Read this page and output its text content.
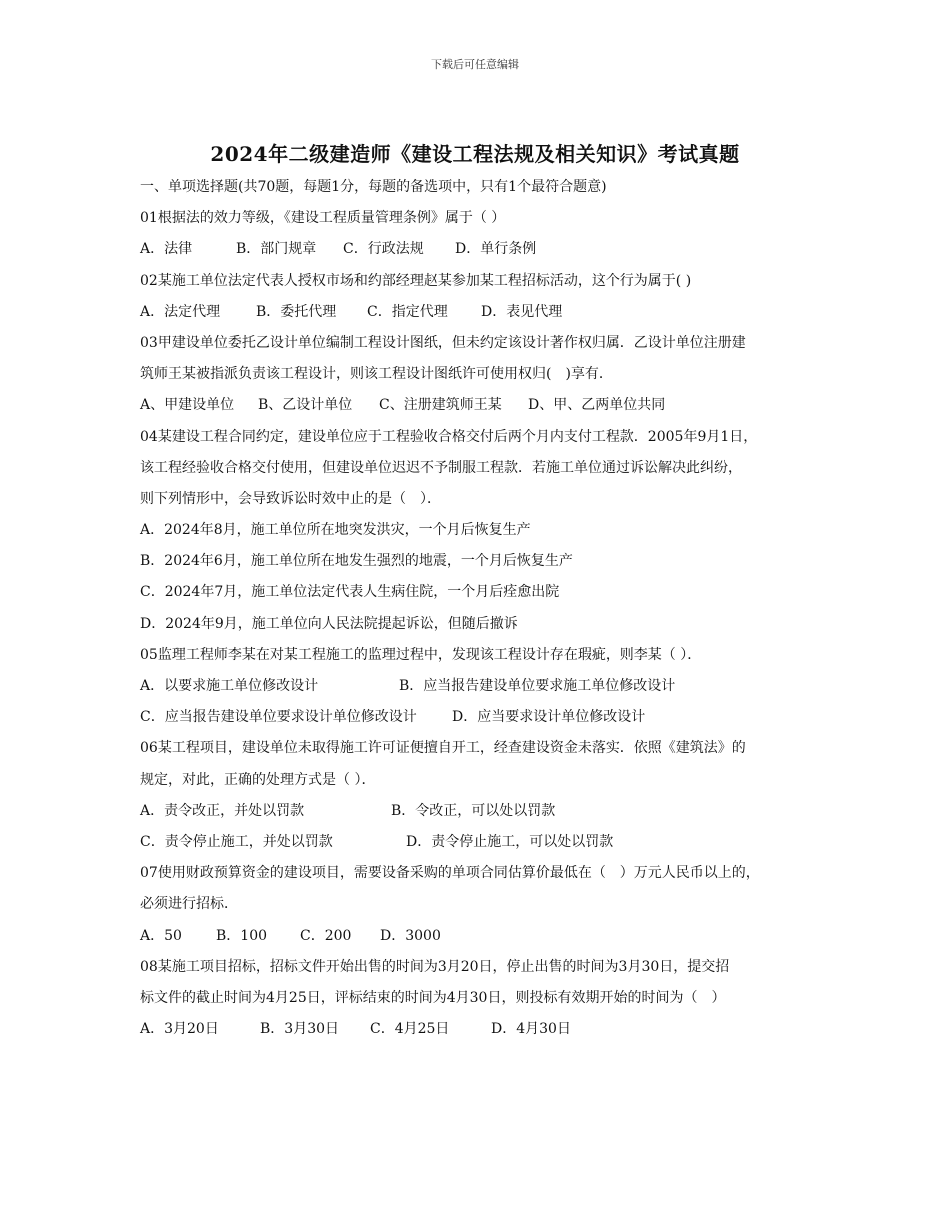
下载后可任意编辑
2024年二级建造师《建设工程法规及相关知识》考试真题
一、单项选择题(共70题，每题1分，每题的备选项中，只有1个最符合题意)
01根据法的效力等级，《建设工程质量管理条例》属于（ ）
A．法律	B．部门规章 C．行政法规 D．单行条例
02某施工单位法定代表人授权市场和约部经理赵某参加某工程招标活动，这个行为属于( )
A．法定代理	B．委托代理 C．指定代理 D．表见代理
03甲建设单位委托乙设计单位编制工程设计图纸，但未约定该设计著作权归属．乙设计单位注册建
筑师王某被指派负责该工程设计，则该工程设计图纸许可使用权归(　)享有．
A、甲建设单位 B、乙设计单位 C、注册建筑师王某 D、甲、乙两单位共同
04某建设工程合同约定，建设单位应于工程验收合格交付后两个月内支付工程款．2005年9月1日，
该工程经验收合格交付使用，但建设单位迟迟不予制服工程款．若施工单位通过诉讼解决此纠纷，
则下列情形中，会导致诉讼时效中止的是（　）．
A．2024年8月，施工单位所在地突发洪灾，一个月后恢复生产
B．2024年6月，施工单位所在地发生强烈的地震，一个月后恢复生产
C．2024年7月，施工单位法定代表人生病住院，一个月后痊愈出院
D．2024年9月，施工单位向人民法院提起诉讼，但随后撤诉
05监理工程师李某在对某工程施工的监理过程中，发现该工程设计存在瑕疵，则李某（ ）．
A．以要求施工单位修改设计	B．应当报告建设单位要求施工单位修改设计
C．应当报告建设单位要求设计单位修改设计	D．应当要求设计单位修改设计
06某工程项目，建设单位未取得施工许可证便擅自开工，经查建设资金未落实．依照《建筑法》的
规定，对此，正确的处理方式是（ ）．
A．责令改正，并处以罚款	B．令改正，可以处以罚款
C．责令停止施工，并处以罚款	D．责令停止施工，可以处以罚款
07使用财政预算资金的建设项目，需要设备采购的单项合同估算价最低在（　）万元人民币以上的，
必须进行招标．
A．50 B．100 C．200 D．3000
08某施工项目招标，招标文件开始出售的时间为3月20日，停止出售的时间为3月30日，提交招
标文件的截止时间为4月25日，评标结束的时间为4月30日，则投标有效期开始的时间为（　）
A．3月20日	B．3月30日 C．4月25日	D．4月30日
